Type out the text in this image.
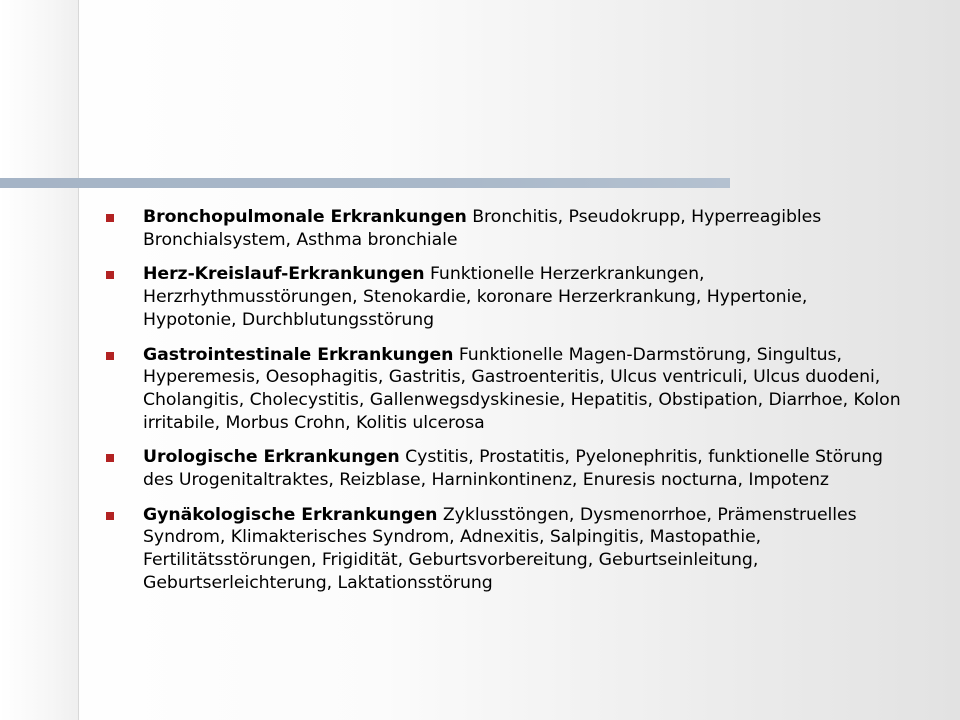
Bronchopulmonale Erkrankungen Bronchitis, Pseudokrupp, Hyperreagibles Bronchialsystem, Asthma bronchiale
Herz-Kreislauf-Erkrankungen Funktionelle Herzerkrankungen, Herzrhythmusstörungen, Stenokardie, koronare Herzerkrankung, Hypertonie, Hypotonie, Durchblutungsstörung
Gastrointestinale Erkrankungen Funktionelle Magen-Darmstörung, Singultus, Hyperemesis, Oesophagitis, Gastritis, Gastroenteritis, Ulcus ventriculi, Ulcus duodeni, Cholangitis, Cholecystitis, Gallenwegsdyskinesie, Hepatitis, Obstipation, Diarrhoe, Kolon irritabile, Morbus Crohn, Kolitis ulcerosa
Urologische Erkrankungen Cystitis, Prostatitis, Pyelonephritis, funktionelle Störung des Urogenitaltraktes, Reizblase, Harninkontinenz, Enuresis nocturna, Impotenz
Gynäkologische Erkrankungen Zyklusstöngen, Dysmenorrhoe, Prämenstruelles Syndrom, Klimakterisches Syndrom, Adnexitis, Salpingitis, Mastopathie, Fertilitätsstörungen, Frigidität, Geburtsvorbereitung, Geburtseinleitung, Geburtserleichterung, Laktationsstörung
